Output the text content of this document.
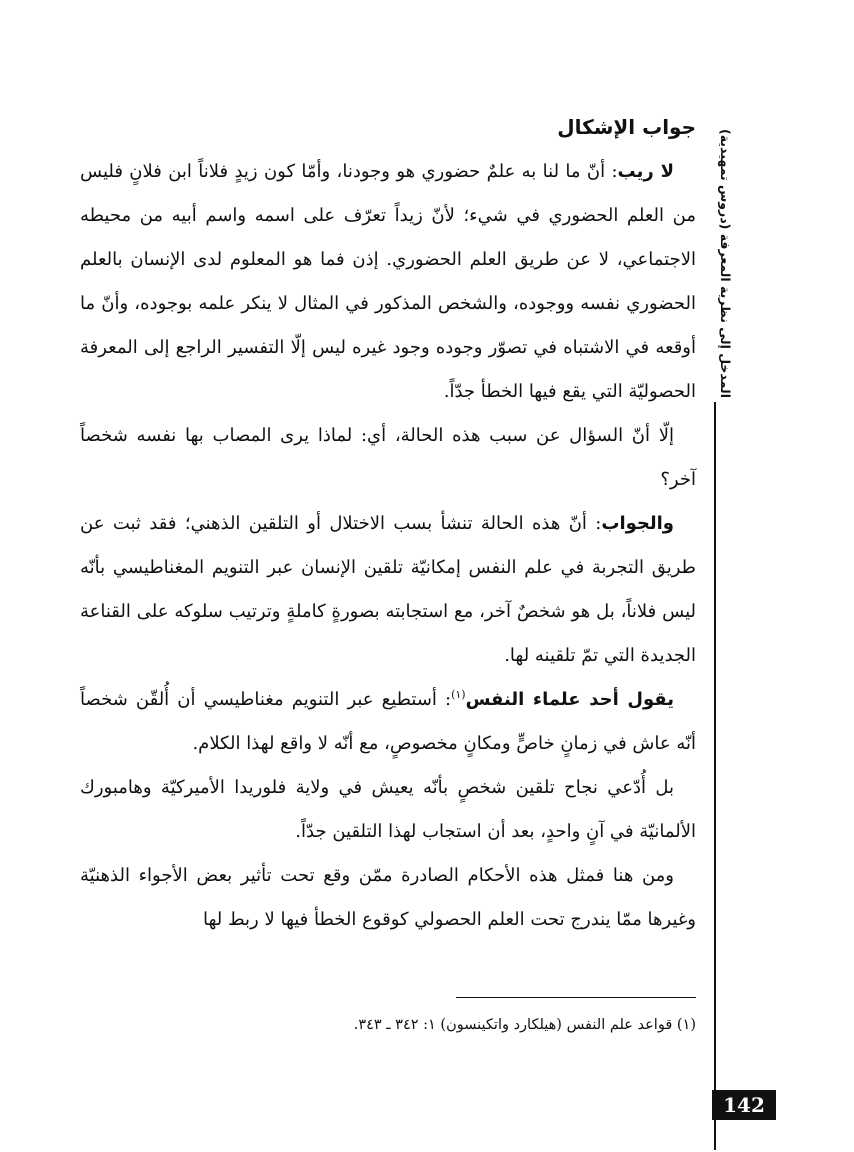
المدخل إلى نظرية المعرفة (دروس تمهيدية)
جواب الإشكال

لا ريب: أنّ ما لنا به علمٌ حضوري هو وجودنا، وأمّا كون زيدٍ فلاناً ابن فلانٍ فليس من العلم الحضوري في شيء؛ لأنّ زيداً تعرّف على اسمه واسم أبيه من محيطه الاجتماعي، لا عن طريق العلم الحضوري. إذن فما هو المعلوم لدى الإنسان بالعلم الحضوري نفسه ووجوده، والشخص المذكور في المثال لا ينكر علمه بوجوده، وأنّ ما أوقعه في الاشتباه في تصوّر وجوده وجود غيره ليس إلّا التفسير الراجع إلى المعرفة الحصوليّة التي يقع فيها الخطأ جدّاً.

إلّا أنّ السؤال عن سبب هذه الحالة، أي: لماذا يرى المصاب بها نفسه شخصاً آخر؟

والجواب: أنّ هذه الحالة تنشأ بسب الاختلال أو التلقين الذهني؛ فقد ثبت عن طريق التجربة في علم النفس إمكانيّة تلقين الإنسان عبر التنويم المغناطيسي بأنّه ليس فلاناً، بل هو شخصٌ آخر، مع استجابته بصورةٍ كاملةٍ وترتيب سلوكه على القناعة الجديدة التي تمّ تلقينه لها.

يقول أحد علماء النفس$^{(١)}$: أستطيع عبر التنويم مغناطيسي أن أُلقّن شخصاً أنّه عاش في زمانٍ خاصٍّ ومكانٍ مخصوصٍ، مع أنّه لا واقع لهذا الكلام.

بل أُدّعي نجاح تلقين شخصٍ بأنّه يعيش في ولاية فلوريدا الأميركيّة وهامبورك الألمانيّة في آنٍ واحدٍ، بعد أن استجاب لهذا التلقين جدّاً.

ومن هنا فمثل هذه الأحكام الصادرة ممّن وقع تحت تأثير بعض الأجواء الذهنيّة وغيرها ممّا يندرج تحت العلم الحصولي كوقوع الخطأ فيها لا ربط لها

(١) قواعد علم النفس (هيلكارد واتكينسون) ١: ٣٤٢ ـ ٣٤٣.
142
